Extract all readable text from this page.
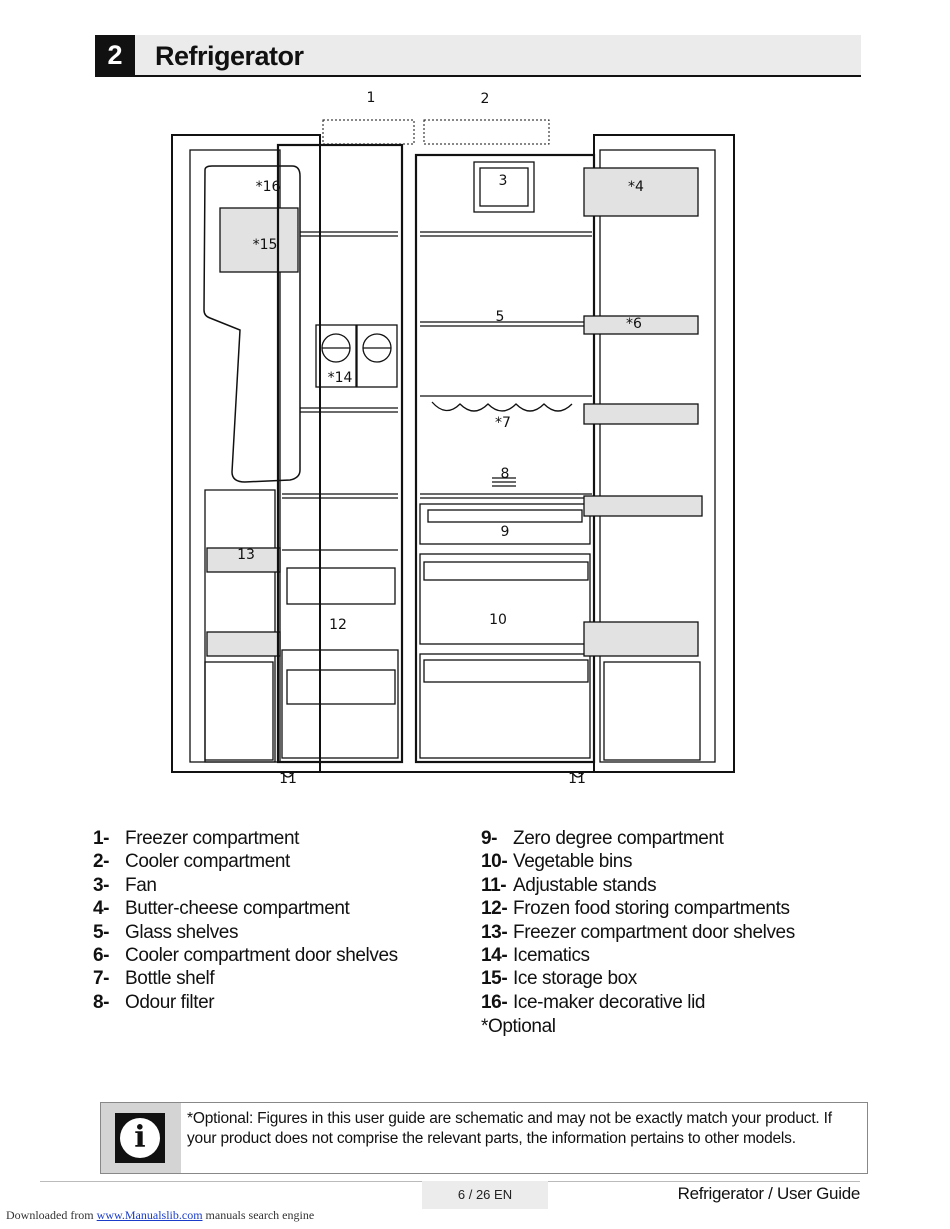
2	Refrigerator
1	2
3	*4
5	*6
*7
8
9
10
11	11
12
13
*14
*15
*16
1- Freezer compartment
2- Cooler compartment
3- Fan
4- Butter-cheese compartment
5- Glass shelves
6- Cooler compartment door shelves
7- Bottle shelf
8- Odour filter
9- Zero degree compartment
10- Vegetable bins
11- Adjustable stands
12- Frozen food storing compartments
13- Freezer compartment door shelves
14- Icematics
15- Ice storage box
16- Ice-maker decorative lid
*Optional
i
*Optional: Figures in this user guide are schematic and may not be exactly match your product. If your product does not comprise the relevant parts, the information pertains to other models.
6 / 26 EN	Refrigerator / User Guide
Downloaded from www.Manualslib.com manuals search engine
